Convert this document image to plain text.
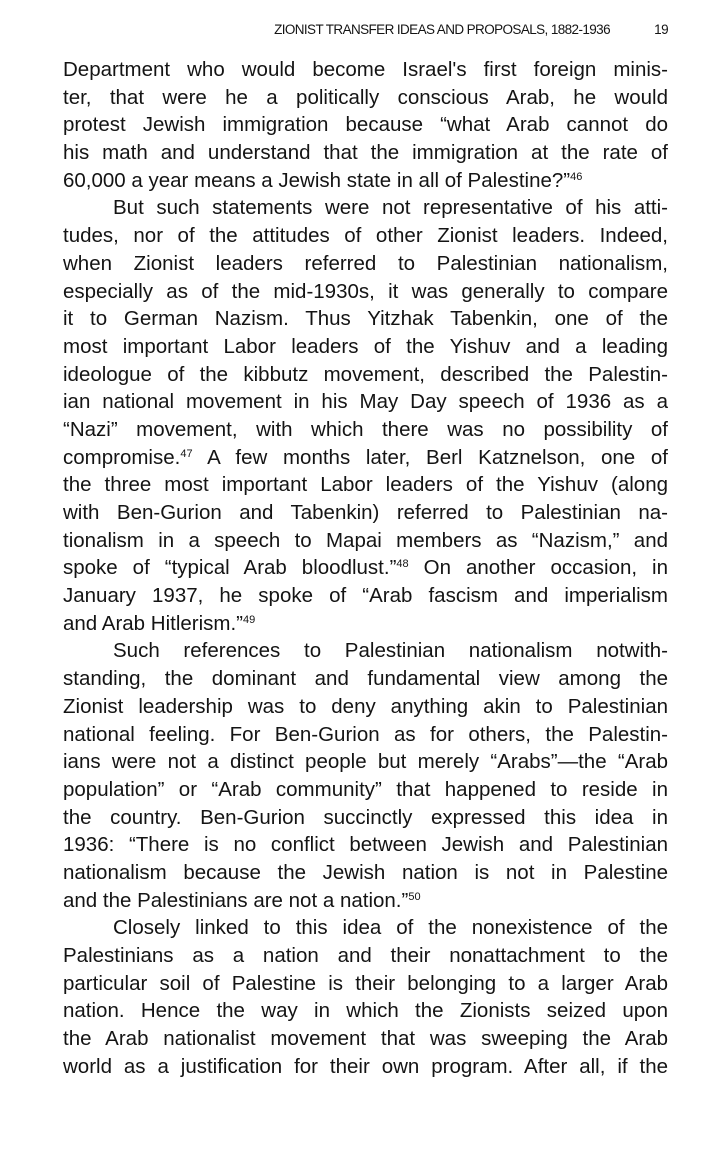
ZIONIST TRANSFER IDEAS AND PROPOSALS, 1882-1936	19
Department who would become Israel's first foreign minis-
ter, that were he a politically conscious Arab, he would
protest Jewish immigration because “what Arab cannot do
his math and understand that the immigration at the rate of
60,000 a year means a Jewish state in all of Palestine?”$^{46}$
But such statements were not representative of his atti-
tudes, nor of the attitudes of other Zionist leaders. Indeed,
when Zionist leaders referred to Palestinian nationalism,
especially as of the mid-1930s, it was generally to compare
it to German Nazism. Thus Yitzhak Tabenkin, one of the
most important Labor leaders of the Yishuv and a leading
ideologue of the kibbutz movement, described the Palestin-
ian national movement in his May Day speech of 1936 as a
“Nazi” movement, with which there was no possibility of
compromise.$^{47}$ A few months later, Berl Katznelson, one of
the three most important Labor leaders of the Yishuv (along
with Ben-Gurion and Tabenkin) referred to Palestinian na-
tionalism in a speech to Mapai members as “Nazism,” and
spoke of “typical Arab bloodlust.”$^{48}$ On another occasion, in
January 1937, he spoke of “Arab fascism and imperialism
and Arab Hitlerism.”$^{49}$
Such references to Palestinian nationalism notwith-
standing, the dominant and fundamental view among the
Zionist leadership was to deny anything akin to Palestinian
national feeling. For Ben-Gurion as for others, the Palestin-
ians were not a distinct people but merely “Arabs”—the “Arab
population” or “Arab community” that happened to reside in
the country. Ben-Gurion succinctly expressed this idea in
1936: “There is no conflict between Jewish and Palestinian
nationalism because the Jewish nation is not in Palestine
and the Palestinians are not a nation.”$^{50}$
Closely linked to this idea of the nonexistence of the
Palestinians as a nation and their nonattachment to the
particular soil of Palestine is their belonging to a larger Arab
nation. Hence the way in which the Zionists seized upon
the Arab nationalist movement that was sweeping the Arab
world as a justification for their own program. After all, if the
